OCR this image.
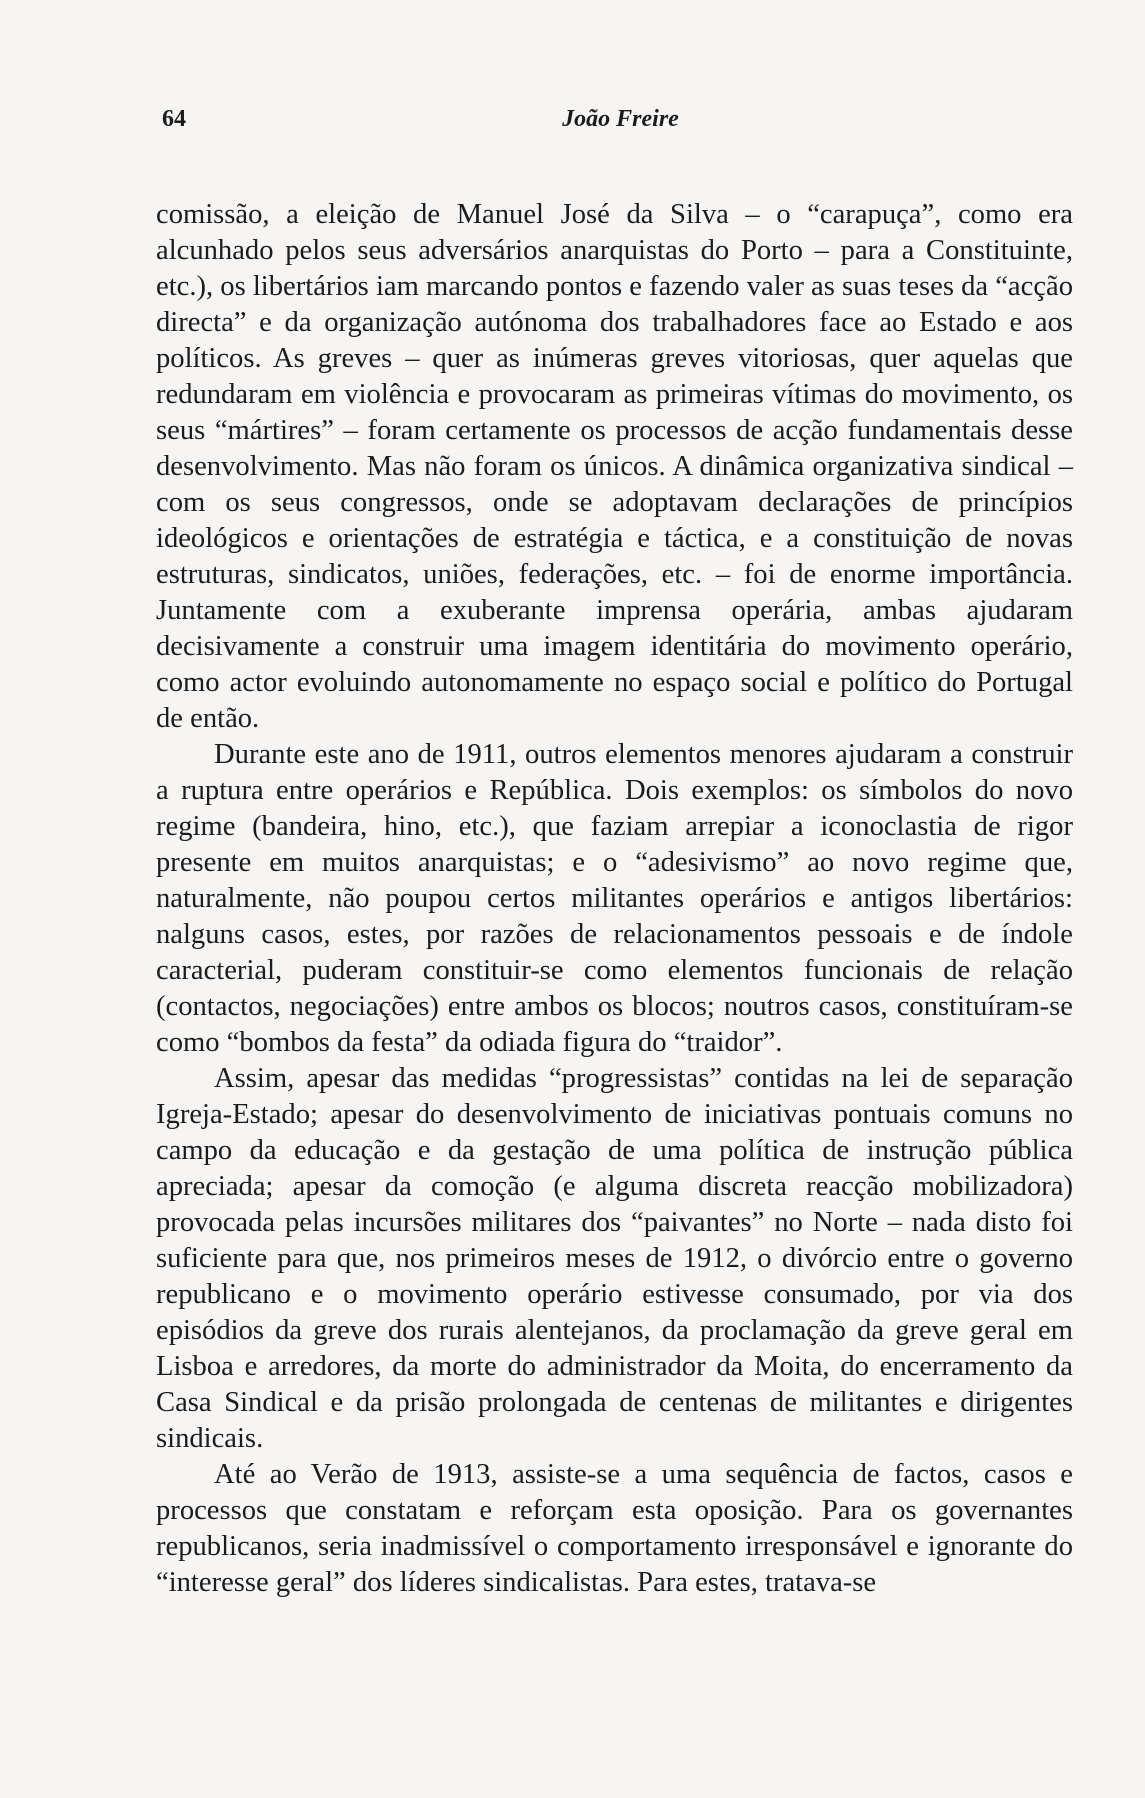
64	João Freire

comissão, a eleição de Manuel José da Silva – o “carapuça”, como era alcunhado pelos seus adversários anarquistas do Porto – para a Constituinte, etc.), os libertários iam marcando pontos e fazendo valer as suas teses da “acção directa” e da organização autónoma dos trabalhadores face ao Estado e aos políticos. As greves – quer as inúmeras greves vitoriosas, quer aquelas que redundaram em violência e provocaram as primeiras vítimas do movimento, os seus “mártires” – foram certamente os processos de acção fundamentais desse desenvolvimento. Mas não foram os únicos. A dinâmica organizativa sindical – com os seus congressos, onde se adoptavam declarações de princípios ideológicos e orientações de estratégia e táctica, e a constituição de novas estruturas, sindicatos, uniões, federações, etc. – foi de enorme importância. Juntamente com a exuberante imprensa operária, ambas ajudaram decisivamente a construir uma imagem identitária do movimento operário, como actor evoluindo autonomamente no espaço social e político do Portugal de então.

Durante este ano de 1911, outros elementos menores ajudaram a construir a ruptura entre operários e República. Dois exemplos: os símbolos do novo regime (bandeira, hino, etc.), que faziam arrepiar a iconoclastia de rigor presente em muitos anarquistas; e o “adesivismo” ao novo regime que, naturalmente, não poupou certos militantes operários e antigos libertários: nalguns casos, estes, por razões de relacionamentos pessoais e de índole caracterial, puderam constituir-se como elementos funcionais de relação (contactos, negociações) entre ambos os blocos; noutros casos, constituíram-se como “bombos da festa” da odiada figura do “traidor”.

Assim, apesar das medidas “progressistas” contidas na lei de separação Igreja-Estado; apesar do desenvolvimento de iniciativas pontuais comuns no campo da educação e da gestação de uma política de instrução pública apreciada; apesar da comoção (e alguma discreta reacção mobilizadora) provocada pelas incursões militares dos “paivantes” no Norte – nada disto foi suficiente para que, nos primeiros meses de 1912, o divórcio entre o governo republicano e o movimento operário estivesse consumado, por via dos episódios da greve dos rurais alentejanos, da proclamação da greve geral em Lisboa e arredores, da morte do administrador da Moita, do encerramento da Casa Sindical e da prisão prolongada de centenas de militantes e dirigentes sindicais.

Até ao Verão de 1913, assiste-se a uma sequência de factos, casos e processos que constatam e reforçam esta oposição. Para os governantes republicanos, seria inadmissível o comportamento irresponsável e ignorante do “interesse geral” dos líderes sindicalistas. Para estes, tratava-se
